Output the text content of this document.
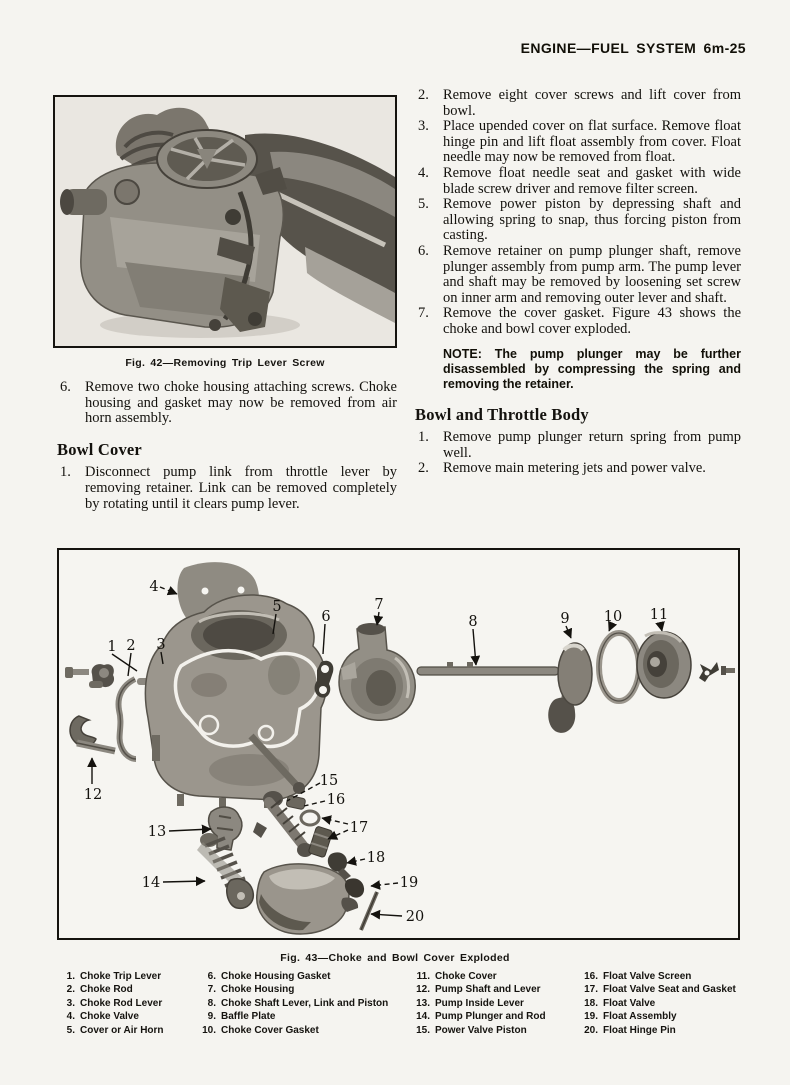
ENGINE—FUEL SYSTEM 6m-25
Fig. 42—Removing Trip Lever Screw
6. Remove two choke housing attaching screws. Choke housing and gasket may now be removed from air horn assembly.
Bowl Cover
1. Disconnect pump link from throttle lever by removing retainer. Link can be removed completely by rotating until it clears pump lever.
2. Remove eight cover screws and lift cover from bowl.
3. Place upended cover on flat surface. Remove float hinge pin and lift float assembly from cover. Float needle may now be removed from float.
4. Remove float needle seat and gasket with wide blade screw driver and remove filter screen.
5. Remove power piston by depressing shaft and allowing spring to snap, thus forcing piston from casting.
6. Remove retainer on pump plunger shaft, remove plunger assembly from pump arm. The pump lever and shaft may be removed by loosening set screw on inner arm and removing outer lever and shaft.
7. Remove the cover gasket. Figure 43 shows the choke and bowl cover exploded.
NOTE: The pump plunger may be further disassembled by compressing the spring and removing the retainer.
Bowl and Throttle Body
1. Remove pump plunger return spring from pump well.
2. Remove main metering jets and power valve.
1 2 3
4
5
6
7
8	9 10 11
12
13
14
15
16
17
18
19
20
Fig. 43—Choke and Bowl Cover Exploded
1. Choke Trip Lever
2. Choke Rod
3. Choke Rod Lever
4. Choke Valve
5. Cover or Air Horn
6. Choke Housing Gasket
7. Choke Housing
8. Choke Shaft Lever, Link and Piston
9. Baffle Plate
10. Choke Cover Gasket
11. Choke Cover
12. Pump Shaft and Lever
13. Pump Inside Lever
14. Pump Plunger and Rod
15. Power Valve Piston
16. Float Valve Screen
17. Float Valve Seat and Gasket
18. Float Valve
19. Float Assembly
20. Float Hinge Pin
